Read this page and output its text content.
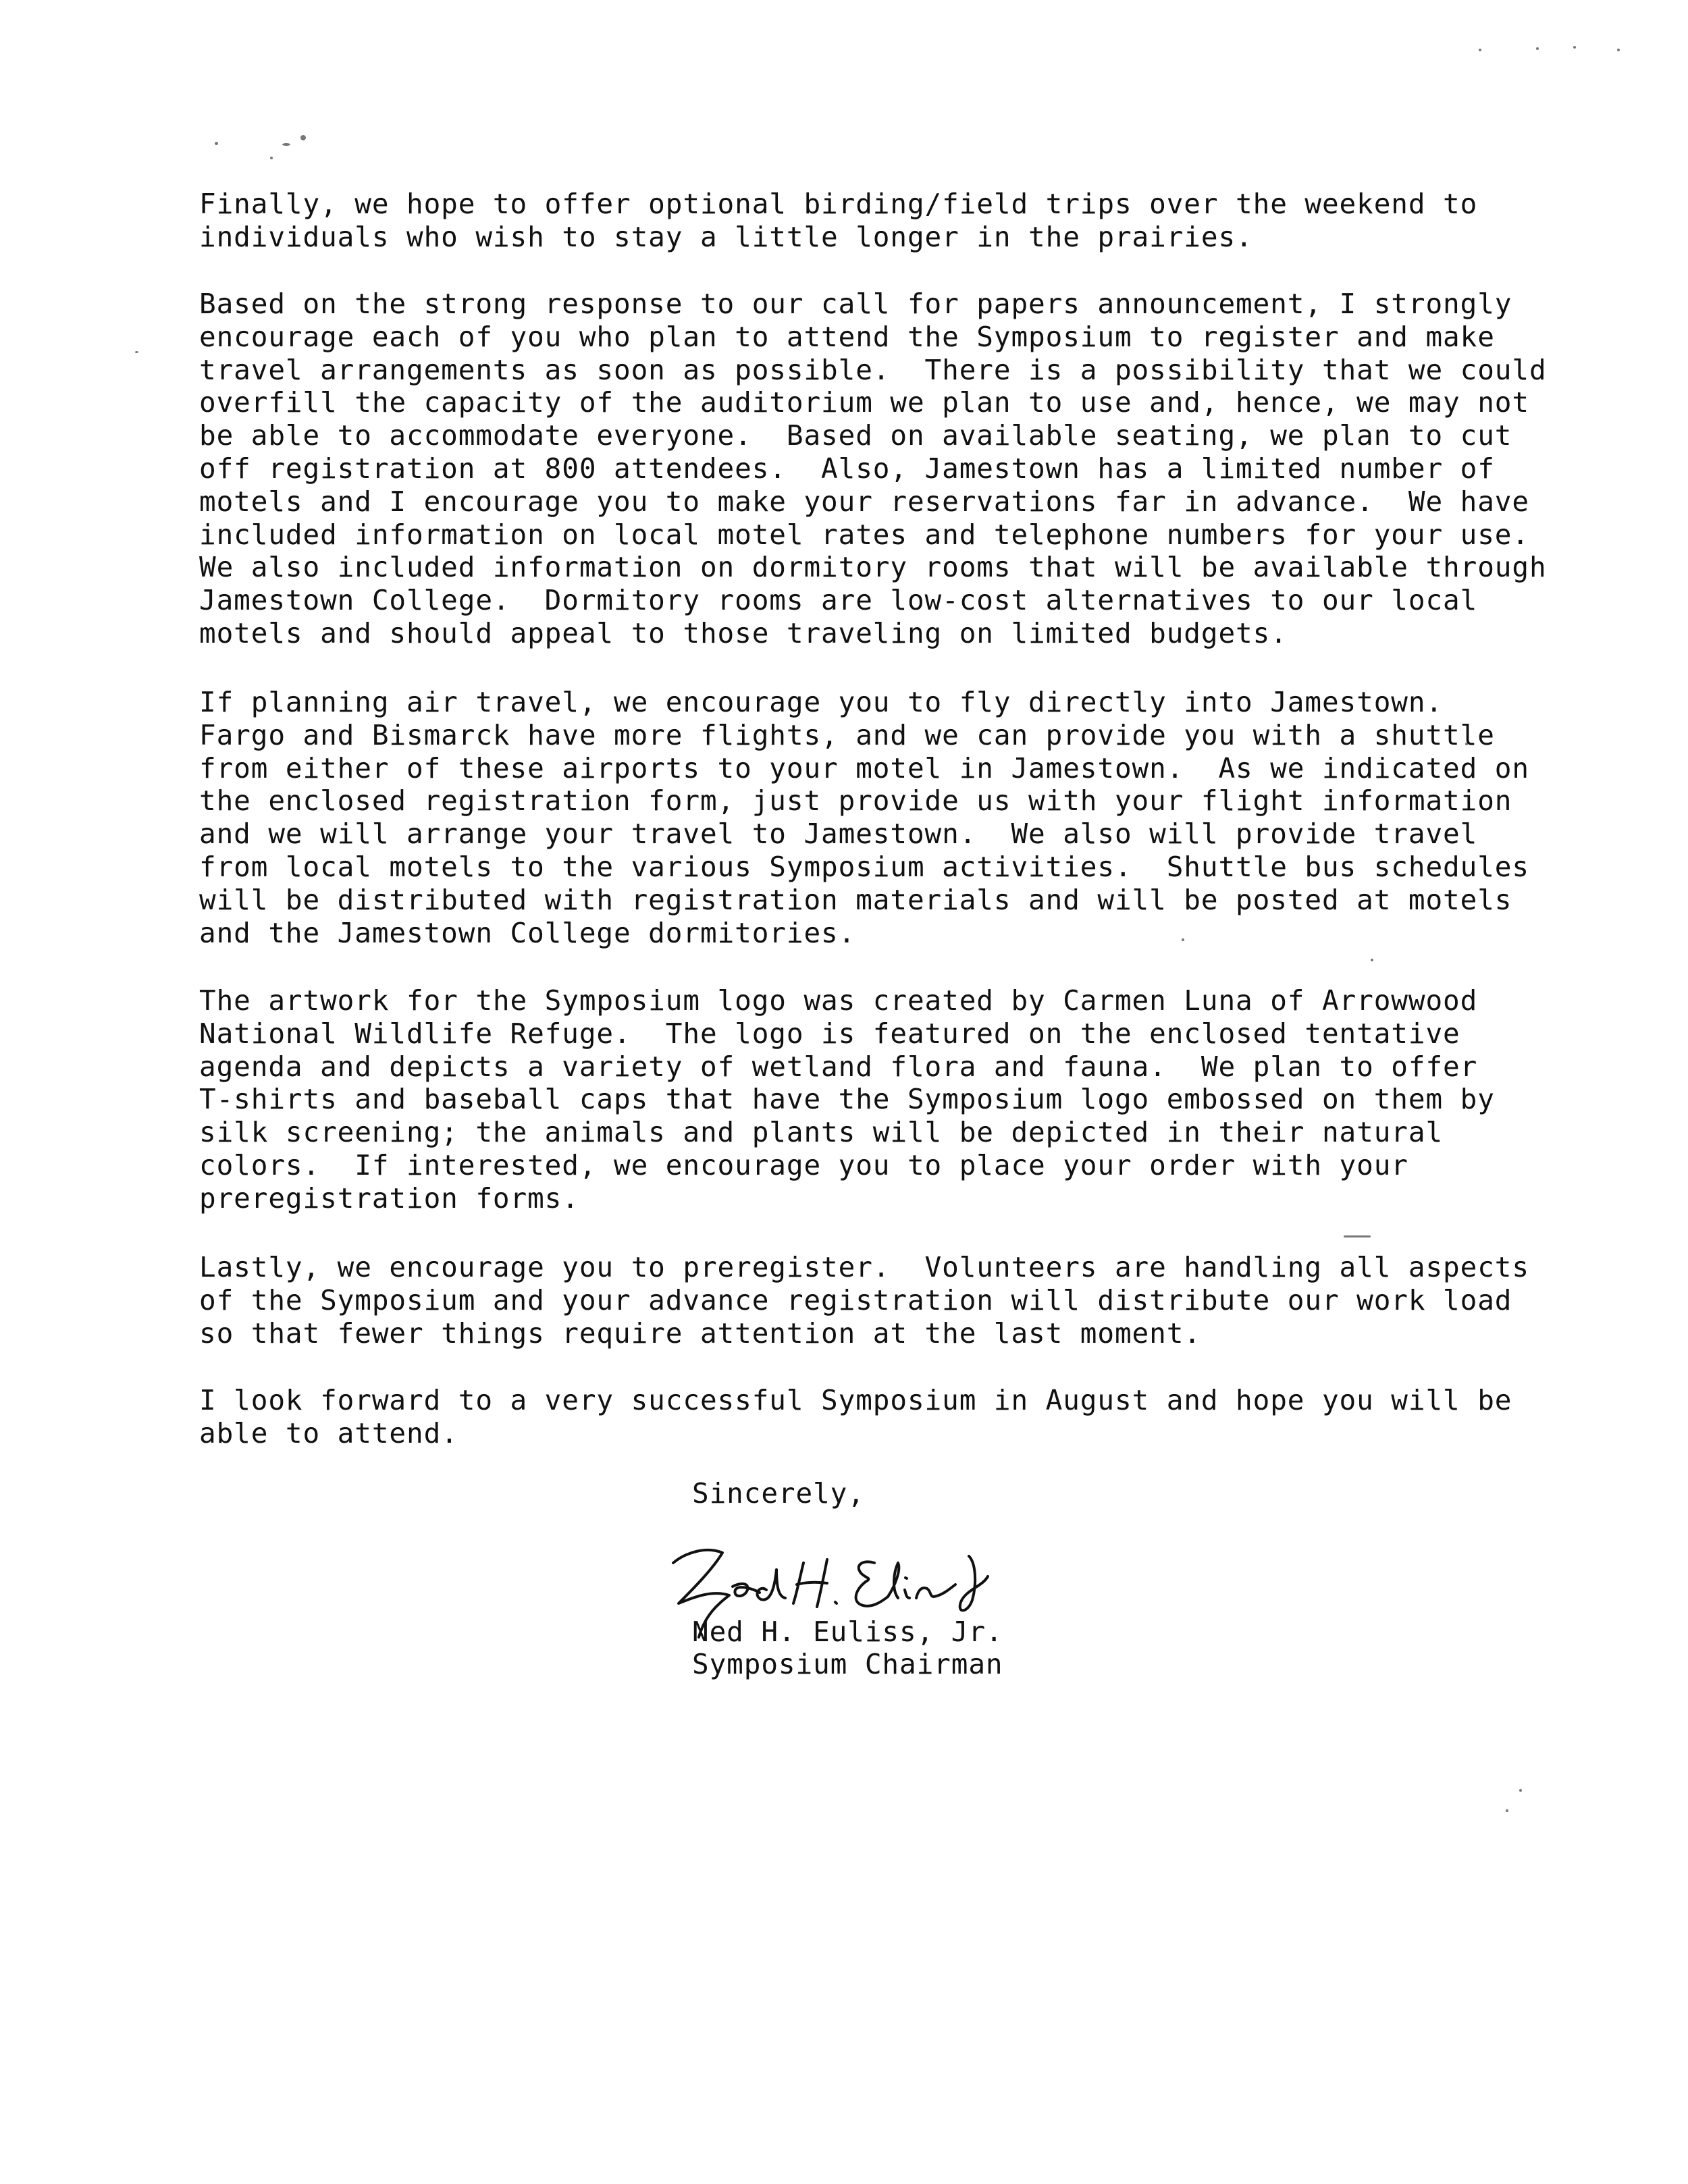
Finally, we hope to offer optional birding/field trips over the weekend to
individuals who wish to stay a little longer in the prairies.
Based on the strong response to our call for papers announcement, I strongly
encourage each of you who plan to attend the Symposium to register and make
travel arrangements as soon as possible.  There is a possibility that we could
overfill the capacity of the auditorium we plan to use and, hence, we may not
be able to accommodate everyone.  Based on available seating, we plan to cut
off registration at 800 attendees.  Also, Jamestown has a limited number of
motels and I encourage you to make your reservations far in advance.  We have
included information on local motel rates and telephone numbers for your use.
We also included information on dormitory rooms that will be available through
Jamestown College.  Dormitory rooms are low-cost alternatives to our local
motels and should appeal to those traveling on limited budgets.
If planning air travel, we encourage you to fly directly into Jamestown.
Fargo and Bismarck have more flights, and we can provide you with a shuttle
from either of these airports to your motel in Jamestown.  As we indicated on
the enclosed registration form, just provide us with your flight information
and we will arrange your travel to Jamestown.  We also will provide travel
from local motels to the various Symposium activities.  Shuttle bus schedules
will be distributed with registration materials and will be posted at motels
and the Jamestown College dormitories.
The artwork for the Symposium logo was created by Carmen Luna of Arrowwood
National Wildlife Refuge.  The logo is featured on the enclosed tentative
agenda and depicts a variety of wetland flora and fauna.  We plan to offer
T-shirts and baseball caps that have the Symposium logo embossed on them by
silk screening; the animals and plants will be depicted in their natural
colors.  If interested, we encourage you to place your order with your
preregistration forms.
Lastly, we encourage you to preregister.  Volunteers are handling all aspects
of the Symposium and your advance registration will distribute our work load
so that fewer things require attention at the last moment.
I look forward to a very successful Symposium in August and hope you will be
able to attend.

Sincerely,

Ned H. Euliss, Jr.

Symposium Chairman
